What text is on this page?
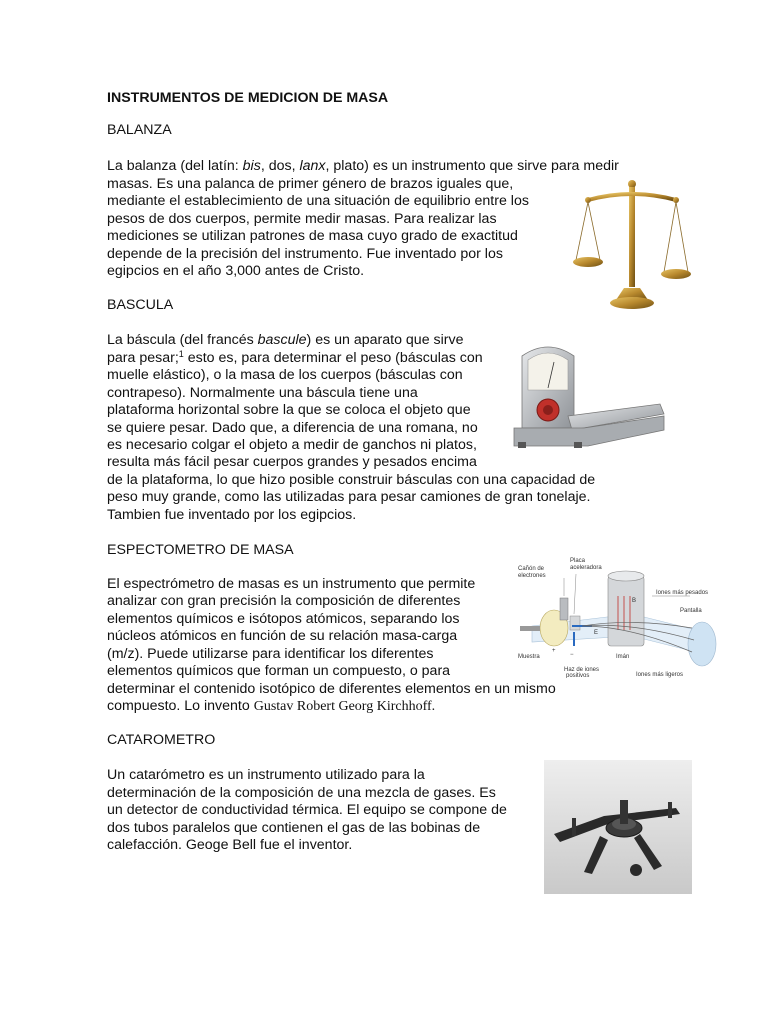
INSTRUMENTOS DE MEDICION DE MASA
BALANZA
La balanza (del latín: bis, dos, lanx, plato) es un instrumento que sirve para medir
masas. Es una palanca de primer género de brazos iguales que,
mediante el establecimiento de una situación de equilibrio entre los
pesos de dos cuerpos, permite medir masas. Para realizar las
mediciones se utilizan patrones de masa cuyo grado de exactitud
depende de la precisión del instrumento. Fue inventado por los
egipcios en el año 3,000 antes de Cristo.
BASCULA
La báscula (del francés bascule) es un aparato que sirve
para pesar;$^1$ esto es, para determinar el peso (básculas con
muelle elástico), o la masa de los cuerpos (básculas con
contrapeso). Normalmente una báscula tiene una
plataforma horizontal sobre la que se coloca el objeto que
se quiere pesar. Dado que, a diferencia de una romana, no
es necesario colgar el objeto a medir de ganchos ni platos,
resulta más fácil pesar cuerpos grandes y pesados encima
de la plataforma, lo que hizo posible construir básculas con una capacidad de
peso muy grande, como las utilizadas para pesar camiones de gran tonelaje.
Tambien fue inventado por los egipcios.
ESPECTOMETRO DE MASA
El espectrómetro de masas es un instrumento que permite
analizar con gran precisión la composición de diferentes
elementos químicos e isótopos atómicos, separando los
núcleos atómicos en función de su relación masa-carga
(m/z). Puede utilizarse para identificar los diferentes
elementos químicos que forman un compuesto, o para
determinar el contenido isotópico de diferentes elementos en un mismo
compuesto. Lo invento Gustav Robert Georg Kirchhoff.
Cañón de
electrones
Placa
aceleradora
Iones más pesados
Pantalla
Muestra
Haz de iones
positivos
Imán
Iones más ligeros
+
−
E
B
CATAROMETRO
Un catarómetro es un instrumento utilizado para la
determinación de la composición de una mezcla de gases. Es
un detector de conductividad térmica. El equipo se compone de
dos tubos paralelos que contienen el gas de las bobinas de
calefacción. Geoge Bell fue el inventor.
